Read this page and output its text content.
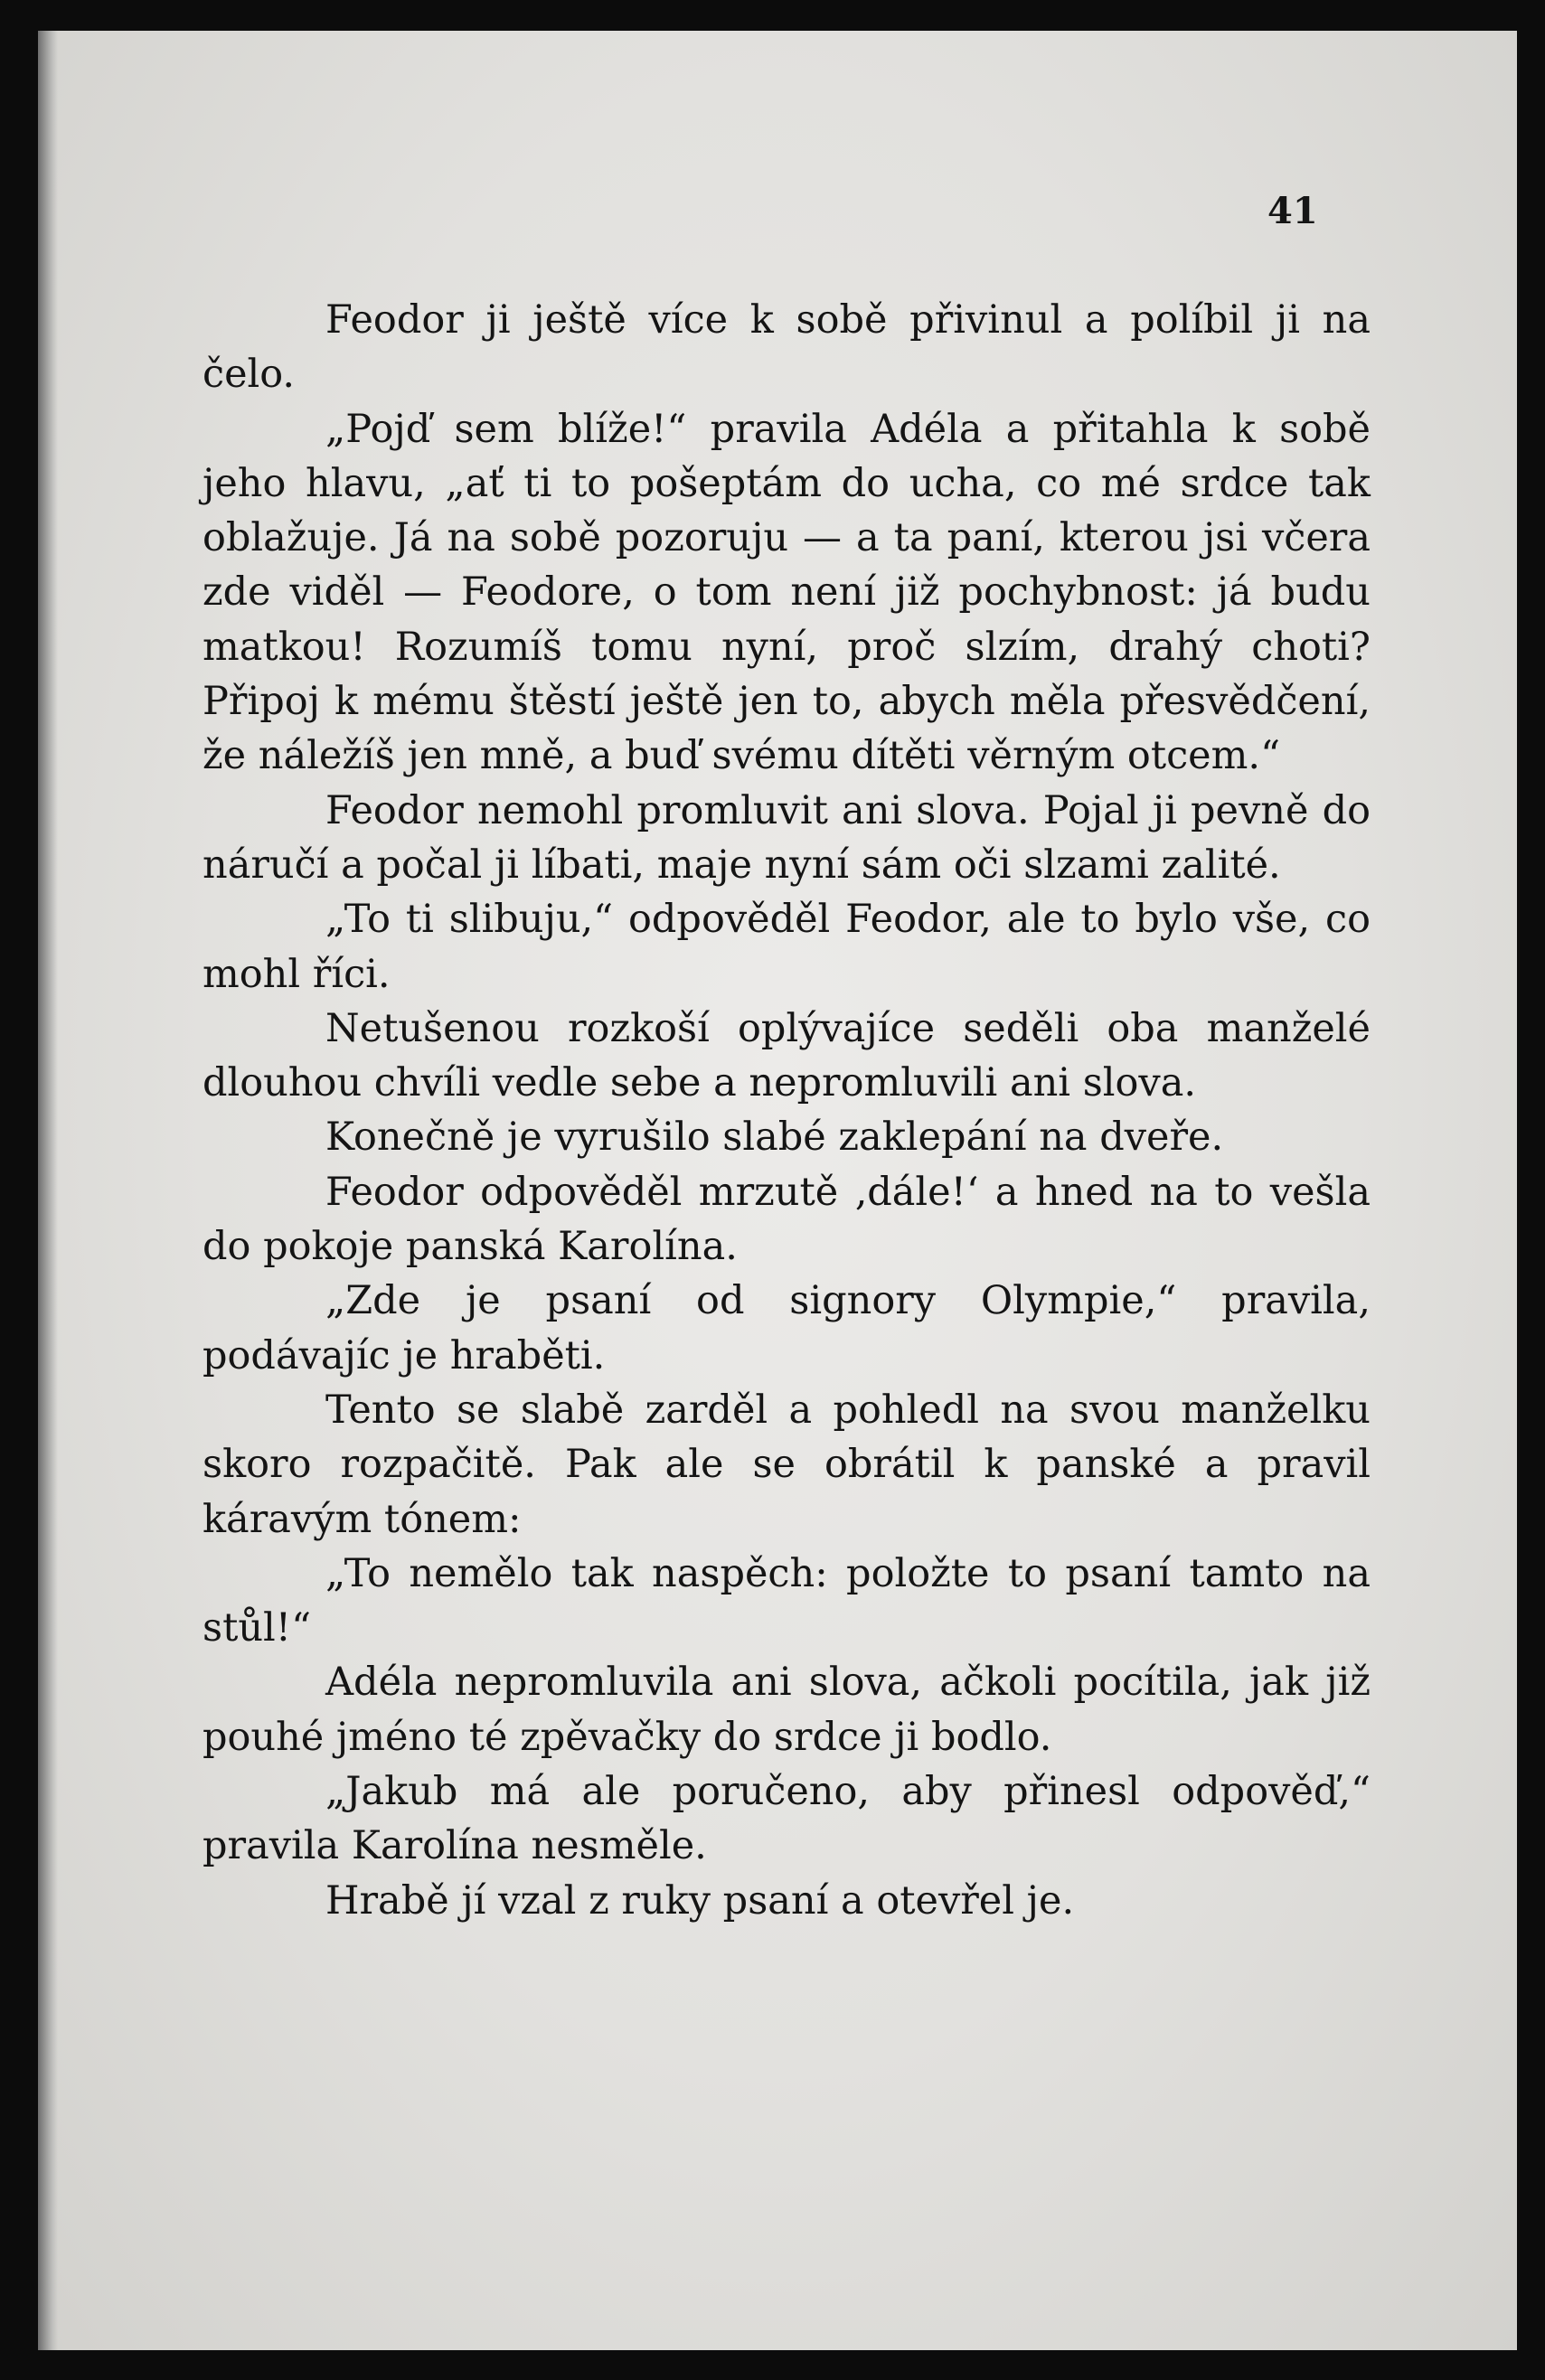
41

Feodor ji ještě více k sobě přivinul a políbil ji na čelo.

„Pojď sem blíže!“ pravila Adéla a přitahla k sobě jeho hlavu, „ať ti to pošeptám do ucha, co mé srdce tak oblažuje. Já na sobě pozoruju — a ta paní, kterou jsi včera zde viděl — Feodore, o tom není již pochybnost: já budu matkou! Rozumíš tomu nyní, proč slzím, drahý choti? Připoj k mému štěstí ještě jen to, abych měla přesvědčení, že náležíš jen mně, a buď svému dítěti věrným otcem.“

Feodor nemohl promluvit ani slova. Pojal ji pevně do náručí a počal ji líbati, maje nyní sám oči slzami zalité.

„To ti slibuju,“ odpověděl Feodor, ale to bylo vše, co mohl říci.

Netušenou rozkoší oplývajíce seděli oba manželé dlouhou chvíli vedle sebe a nepromluvili ani slova.

Konečně je vyrušilo slabé zaklepání na dveře.

Feodor odpověděl mrzutě ‚dále!‘ a hned na to vešla do pokoje panská Karolína.

„Zde je psaní od signory Olympie,“ pravila, podávajíc je hraběti.

Tento se slabě zarděl a pohledl na svou manželku skoro rozpačitě. Pak ale se obrátil k panské a pravil káravým tónem:

„To nemělo tak naspěch: položte to psaní tamto na stůl!“

Adéla nepromluvila ani slova, ačkoli pocítila, jak již pouhé jméno té zpěvačky do srdce ji bodlo.

„Jakub má ale poručeno, aby přinesl odpověď,“ pravila Karolína nesměle.

Hrabě jí vzal z ruky psaní a otevřel je.
